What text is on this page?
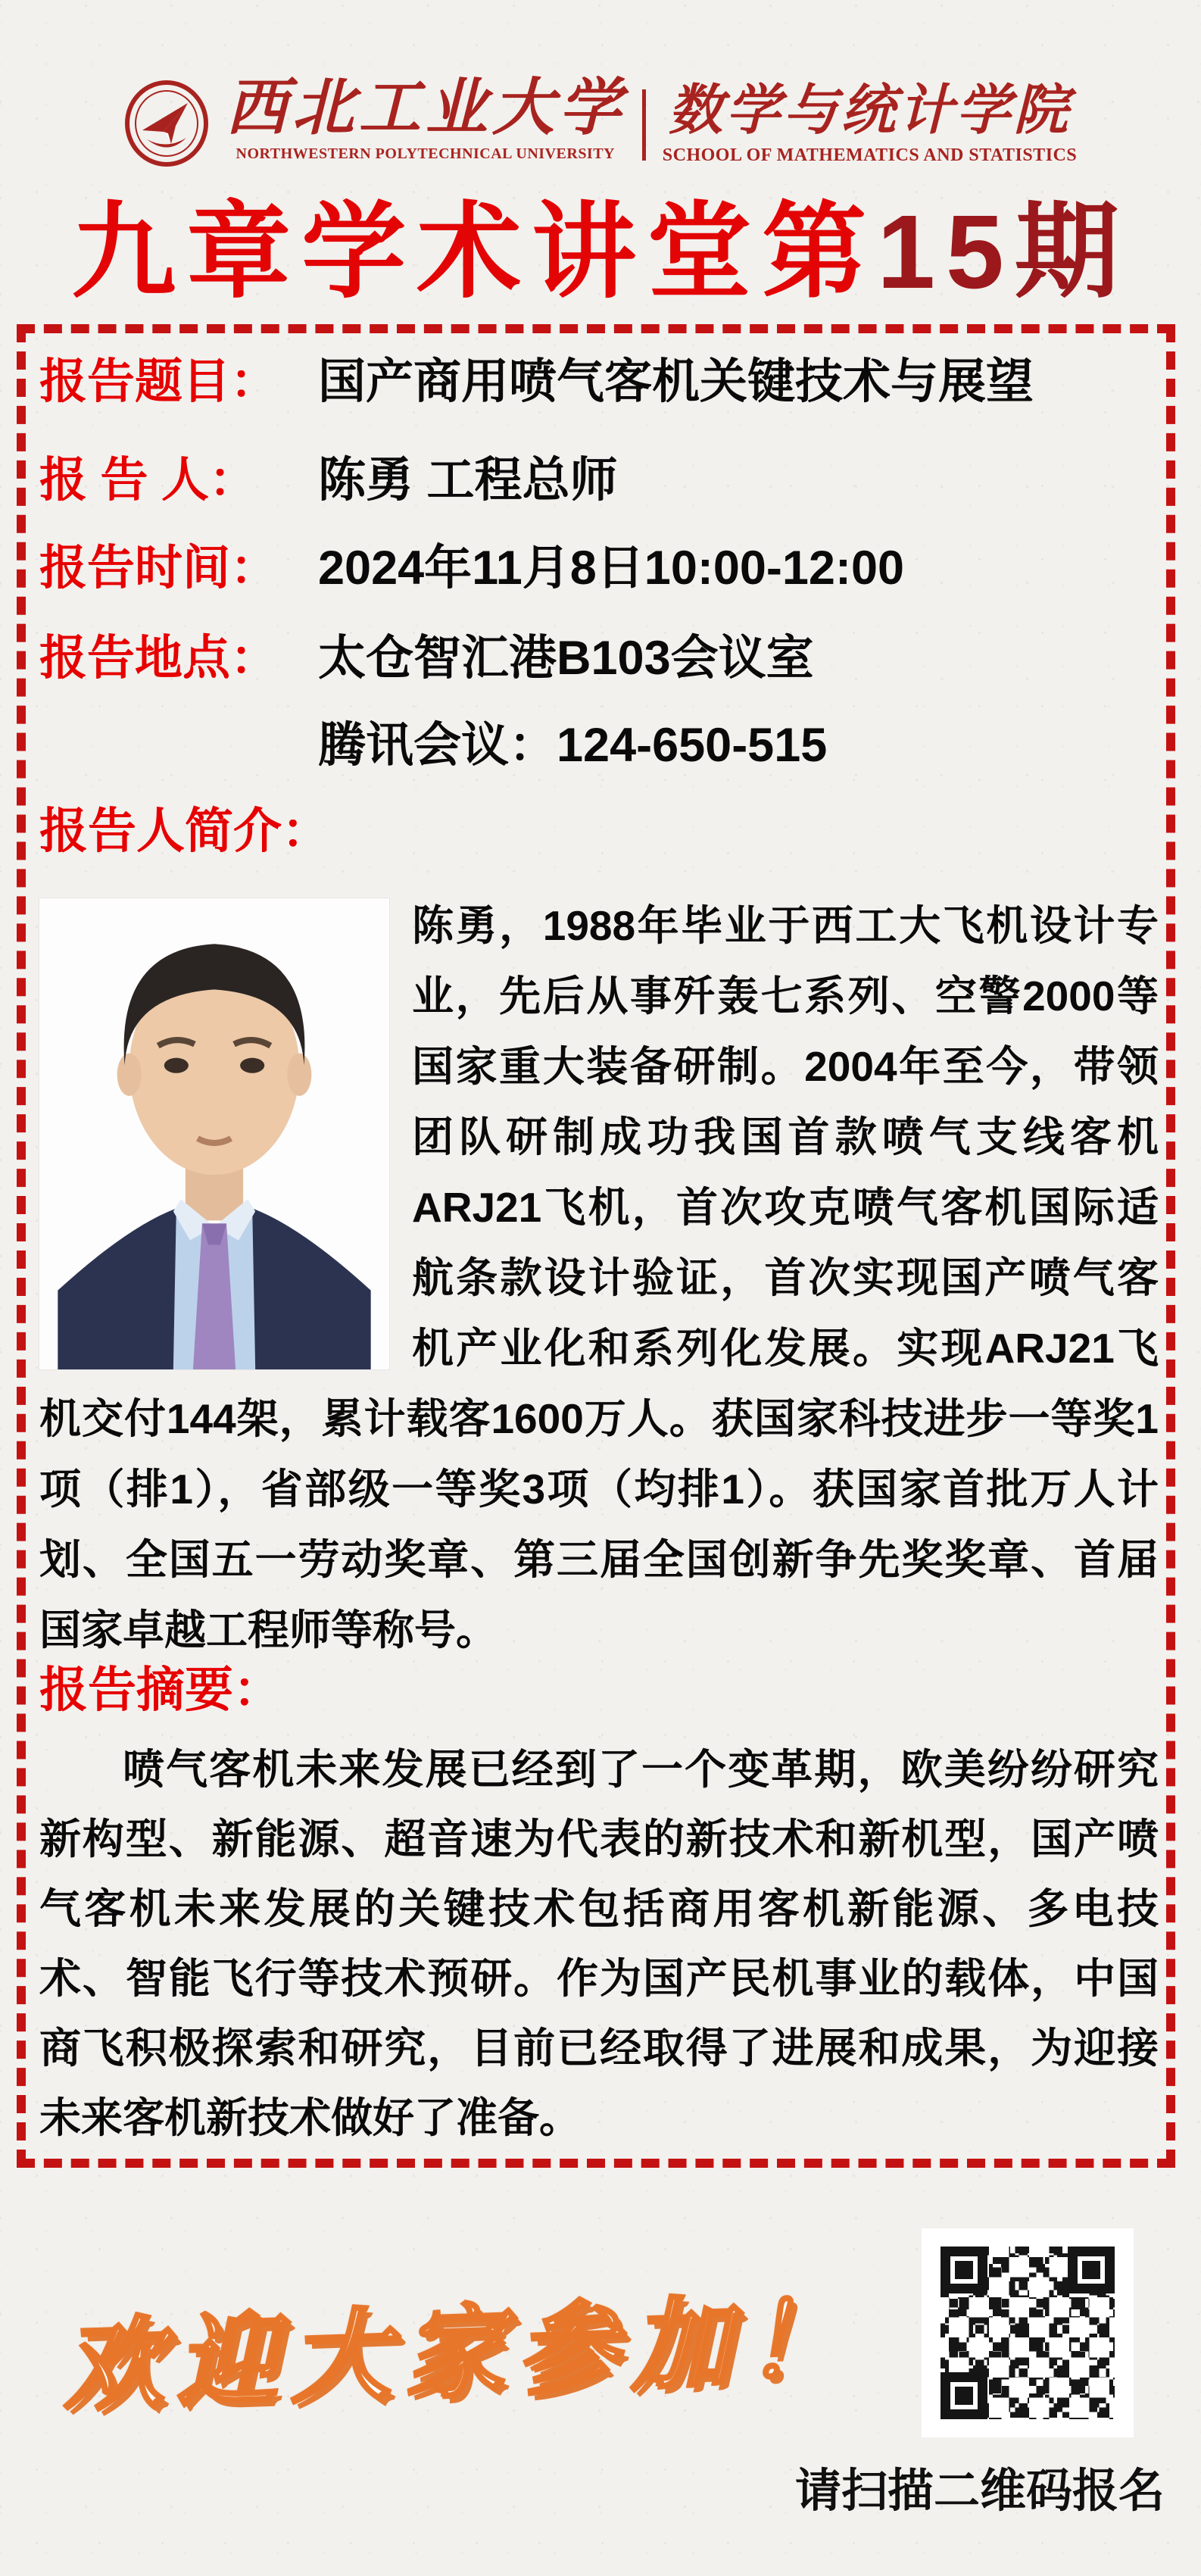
西北工业大学
NORTHWESTERN POLYTECHNICAL UNIVERSITY
数学与统计学院
SCHOOL OF MATHEMATICS AND STATISTICS
九章学术讲堂第15期
报告题目： 国产商用喷气客机关键技术与展望
报 告 人： 陈勇 工程总师
报告时间： 2024年11月8日10:00-12:00
报告地点： 太仓智汇港B103会议室
腾讯会议：124-650-515
报告人简介：
陈勇，1988年毕业于西工大飞机设计专业，先后从事歼轰七系列、空警2000等国家重大装备研制。2004年至今，带领团队研制成功我国首款喷气支线客机ARJ21飞机，首次攻克喷气客机国际适航条款设计验证，首次实现国产喷气客机产业化和系列化发展。实现ARJ21飞机交付144架，累计载客1600万人。获国家科技进步一等奖1项（排1），省部级一等奖3项（均排1）。获国家首批万人计划、全国五一劳动奖章、第三届全国创新争先奖奖章、首届国家卓越工程师等称号。
报告摘要：
喷气客机未来发展已经到了一个变革期，欧美纷纷研究新构型、新能源、超音速为代表的新技术和新机型，国产喷气客机未来发展的关键技术包括商用客机新能源、多电技术、智能飞行等技术预研。作为国产民机事业的载体，中国商飞积极探索和研究，目前已经取得了进展和成果，为迎接未来客机新技术做好了准备。
欢迎大家参加！
请扫描二维码报名
